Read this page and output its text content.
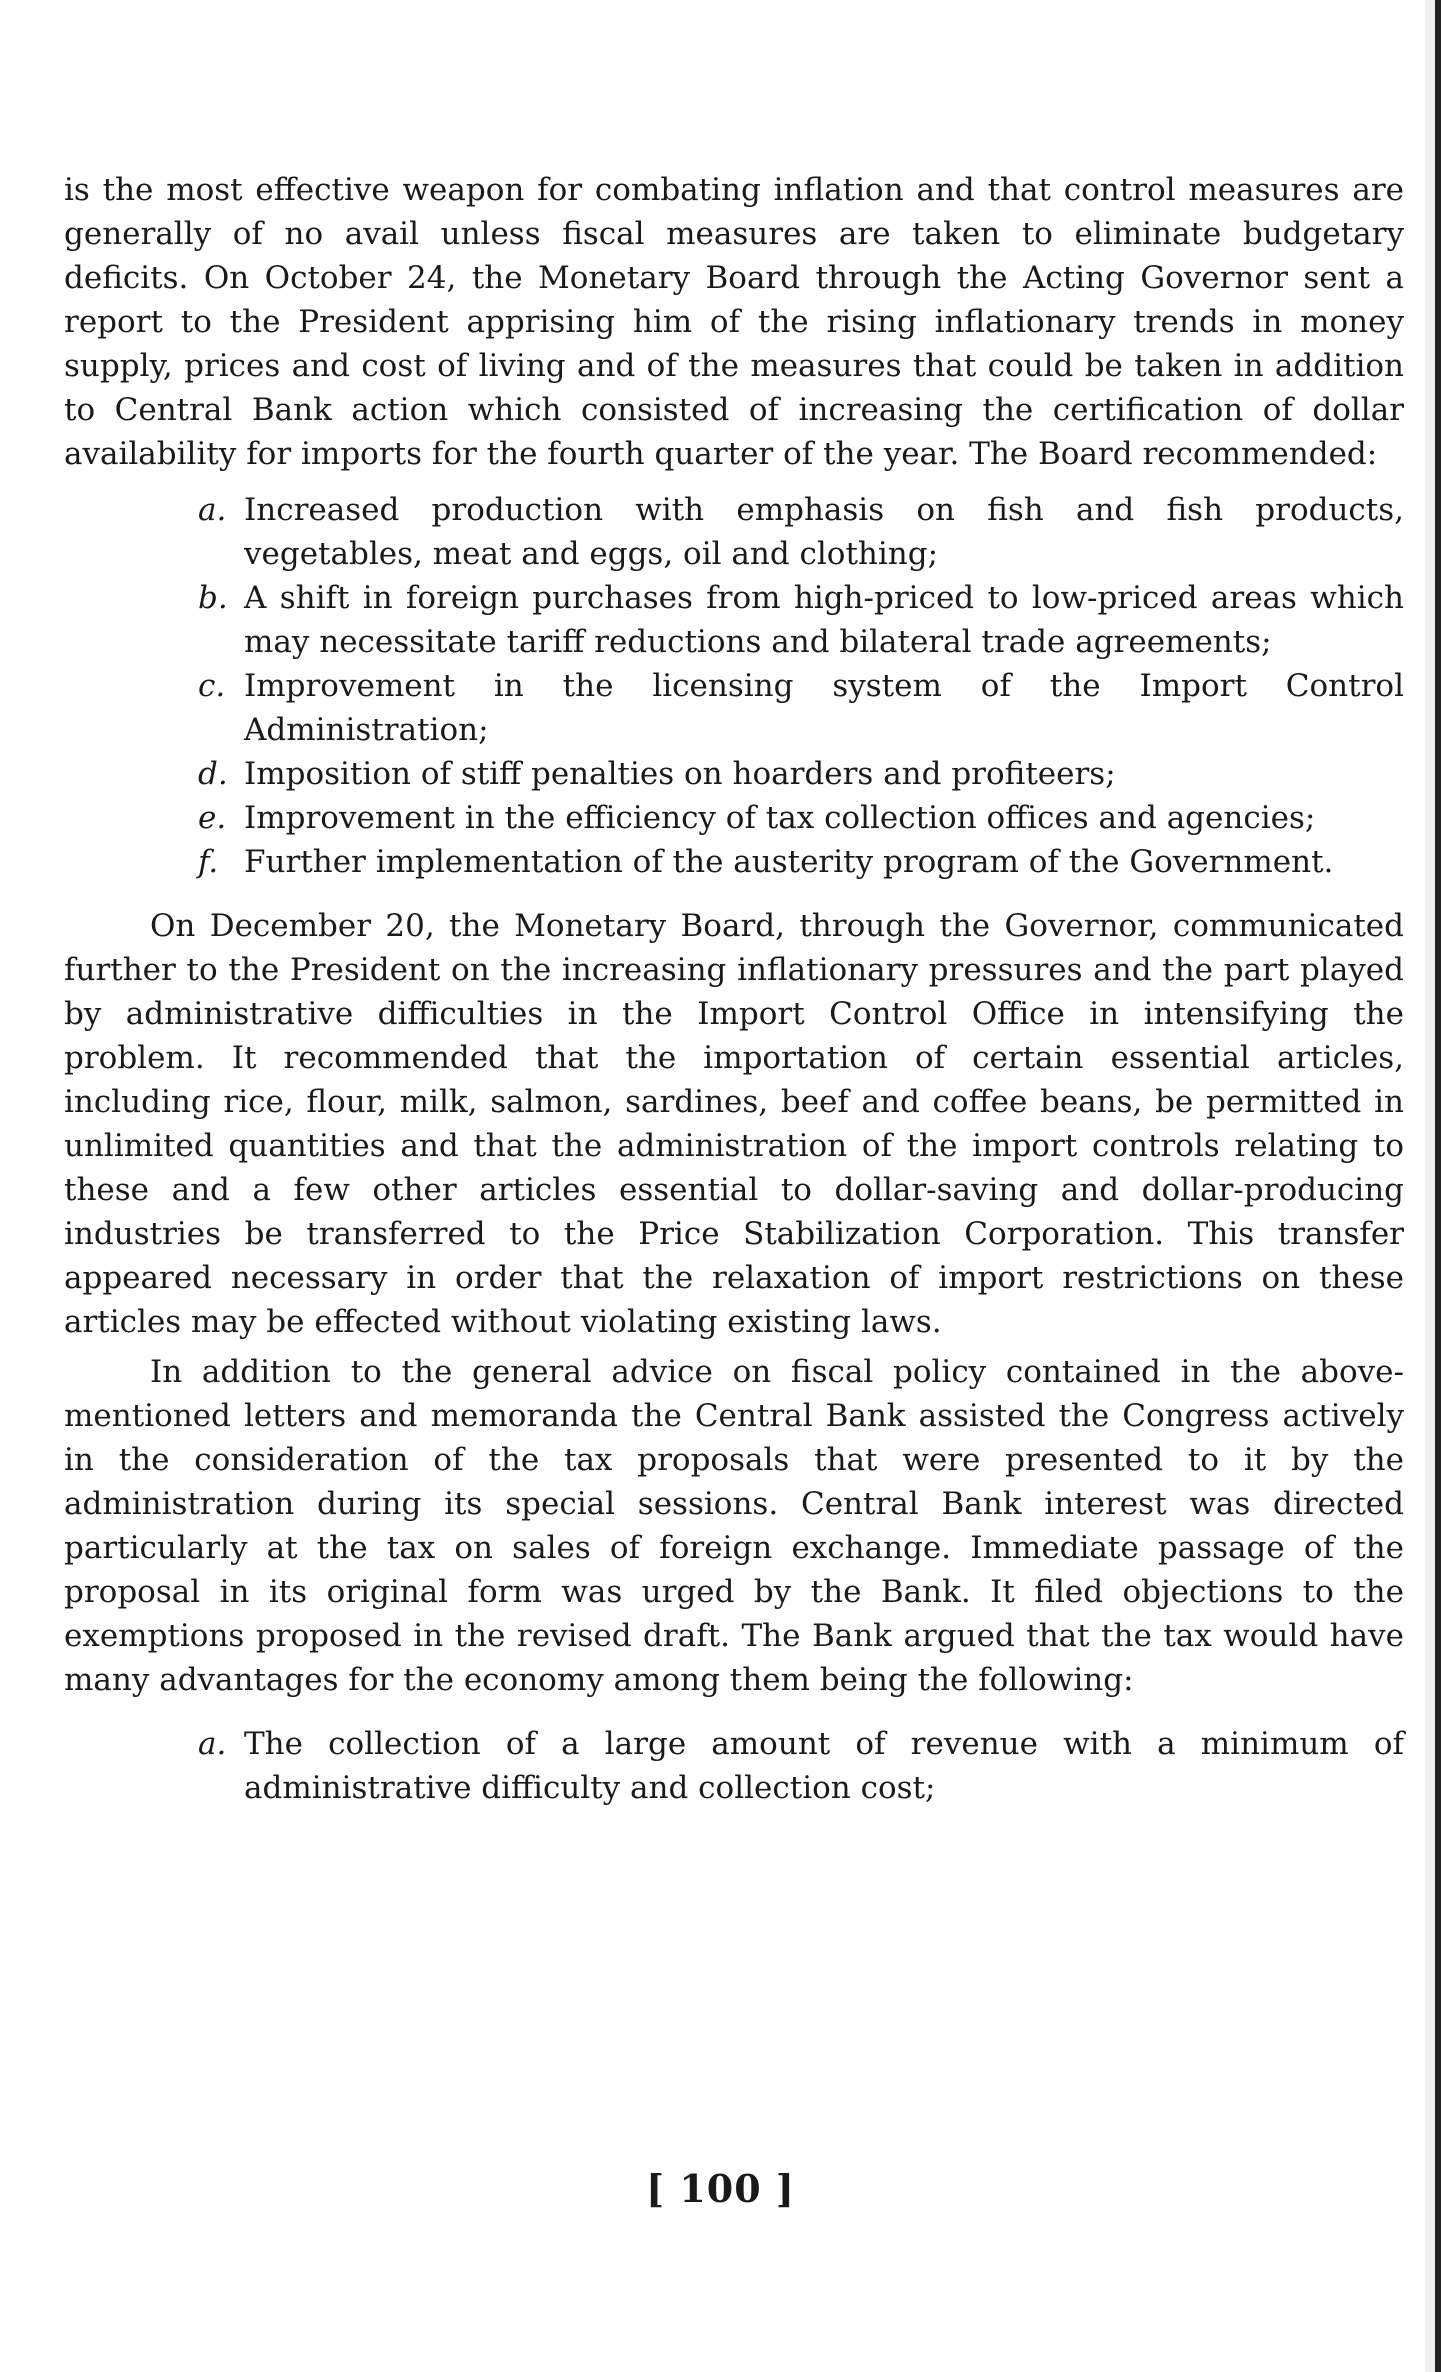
is the most effective weapon for combating inflation and that control measures are generally of no avail unless fiscal measures are taken to eliminate budgetary deficits. On October 24, the Monetary Board through the Acting Governor sent a report to the President apprising him of the rising inflationary trends in money supply, prices and cost of living and of the measures that could be taken in addition to Central Bank action which consisted of increasing the certification of dollar availability for imports for the fourth quarter of the year. The Board recommended:

a. Increased production with emphasis on fish and fish products, vegetables, meat and eggs, oil and clothing;
b. A shift in foreign purchases from high-priced to low-priced areas which may necessitate tariff reductions and bilateral trade agreements;
c. Improvement in the licensing system of the Import Control Administration;
d. Imposition of stiff penalties on hoarders and profiteers;
e. Improvement in the efficiency of tax collection offices and agencies;
f. Further implementation of the austerity program of the Government.

On December 20, the Monetary Board, through the Governor, communicated further to the President on the increasing inflationary pressures and the part played by administrative difficulties in the Import Control Office in intensifying the problem. It recommended that the importation of certain essential articles, including rice, flour, milk, salmon, sardines, beef and coffee beans, be permitted in unlimited quantities and that the administration of the import controls relating to these and a few other articles essential to dollar-saving and dollar-producing industries be transferred to the Price Stabilization Corporation. This transfer appeared necessary in order that the relaxation of import restrictions on these articles may be effected without violating existing laws.

In addition to the general advice on fiscal policy contained in the above-mentioned letters and memoranda the Central Bank assisted the Congress actively in the consideration of the tax proposals that were presented to it by the administration during its special sessions. Central Bank interest was directed particularly at the tax on sales of foreign exchange. Immediate passage of the proposal in its original form was urged by the Bank. It filed objections to the exemptions proposed in the revised draft. The Bank argued that the tax would have many advantages for the economy among them being the following:

a. The collection of a large amount of revenue with a minimum of administrative difficulty and collection cost;
[ 100 ]
